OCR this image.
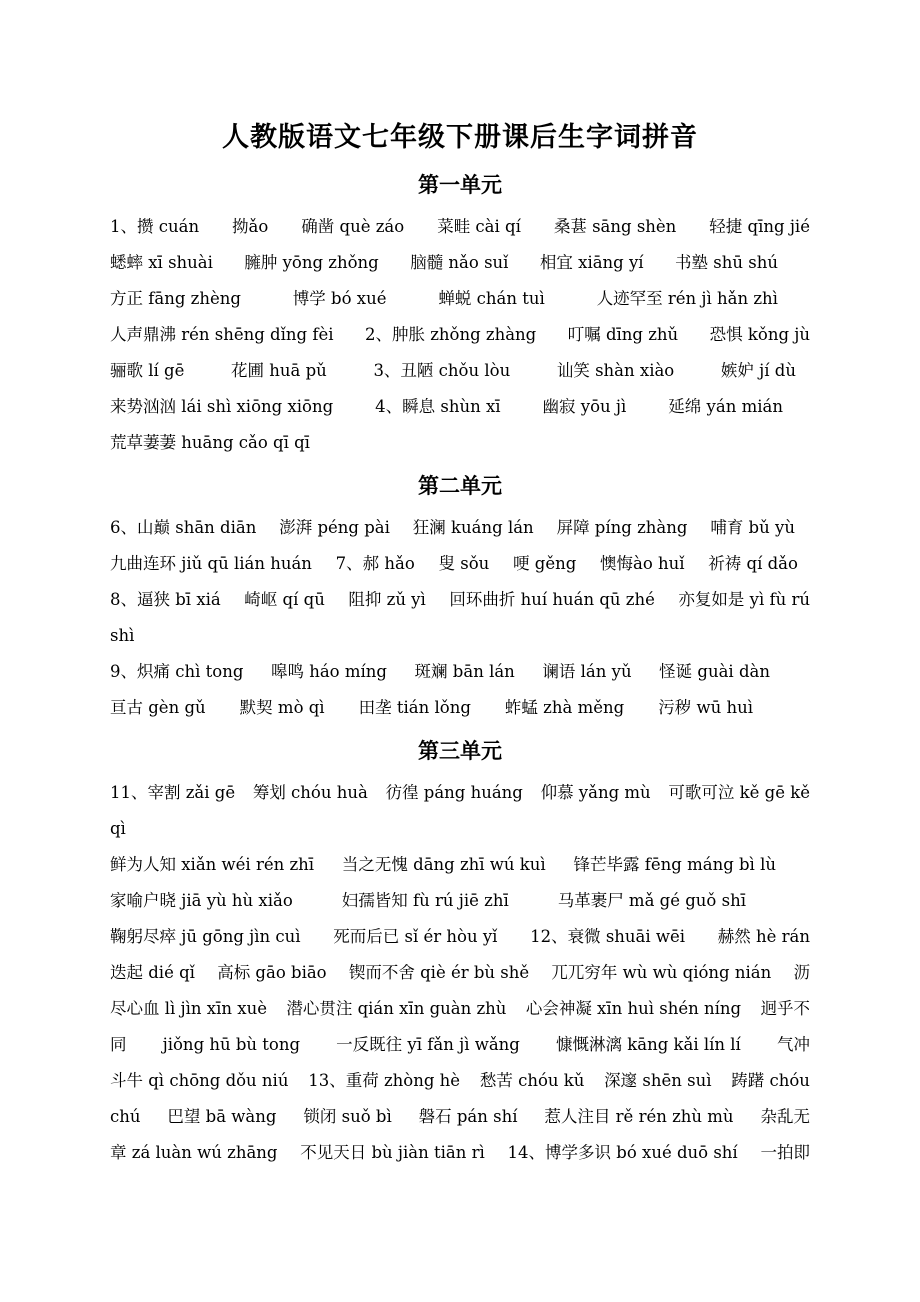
人教版语文七年级下册课后生字词拼音
第一单元
1、攒 cuán 拗ǎo 确凿 què záo 菜畦 cài qí 桑葚 sāng shèn 轻捷 qīng jié
蟋蟀 xī shuài 臃肿 yōng zhǒng 脑髓 nǎo suǐ 相宜 xiāng yí 书塾 shū shú
方正 fāng zhèng	博学 bó xué	蝉蜕 chán tuì	人迹罕至 rén jì hǎn zhì
人声鼎沸 rén shēng dǐng fèi 2、肿胀 zhǒng zhàng 叮嘱 dīng zhǔ 恐惧 kǒng jù
骊歌 lí gē	花圃 huā pǔ	3、丑陋 chǒu lòu	讪笑 shàn xiào	嫉妒 jí dù
来势汹汹 lái shì xiōng xiōng	4、瞬息 shùn xī	幽寂 yōu jì	延绵 yán mián
荒草萋萋 huāng cǎo qī qī
第二单元
6、山巅 shān diān 澎湃 péng pài 狂澜 kuáng lán 屏障 píng zhàng 哺育 bǔ yù
九曲连环 jiǔ qū lián huán 7、郝 hǎo 叟 sǒu 哽 gěng 懊悔ào huǐ 祈祷 qí dǎo
8、逼狭 bī xiá 崎岖 qí qū 阻抑 zǔ yì 回环曲折 huí huán qū zhé 亦复如是 yì fù rú
shì
9、炽痛 chì tong 嗥鸣 háo míng 斑斓 bān lán 谰语 lán yǔ 怪诞 guài dàn
亘古 gèn gǔ 默契 mò qì 田垄 tián lǒng 蚱蜢 zhà měng 污秽 wū huì
第三单元
11、宰割 zǎi gē 筹划 chóu huà 彷徨 páng huáng 仰慕 yǎng mù 可歌可泣 kě gē kě
qì
鲜为人知 xiǎn wéi rén zhī 当之无愧 dāng zhī wú kuì 锋芒毕露 fēng máng bì lù
家喻户晓 jiā yù hù xiǎo	妇孺皆知 fù rú jiē zhī	马革裹尸 mǎ gé guǒ shī
鞠躬尽瘁 jū gōng jìn cuì 死而后已 sǐ ér hòu yǐ 12、衰微 shuāi wēi 赫然 hè rán
迭起 dié qǐ 高标 gāo biāo 锲而不舍 qiè ér bù shě 兀兀穷年 wù wù qióng nián 沥
尽心血 lì jìn xīn xuè 潜心贯注 qián xīn guàn zhù 心会神凝 xīn huì shén níng 迥乎不
同 jiǒng hū bù tong 一反既往 yī fǎn jì wǎng 慷慨淋漓 kāng kǎi lín lí 气冲
斗牛 qì chōng dǒu niú 13、重荷 zhòng hè 愁苦 chóu kǔ 深邃 shēn suì 踌躇 chóu
chú 巴望 bā wàng 锁闭 suǒ bì 磐石 pán shí 惹人注目 rě rén zhù mù 杂乱无
章 zá luàn wú zhāng 不见天日 bù jiàn tiān rì 14、博学多识 bó xué duō shí 一拍即
